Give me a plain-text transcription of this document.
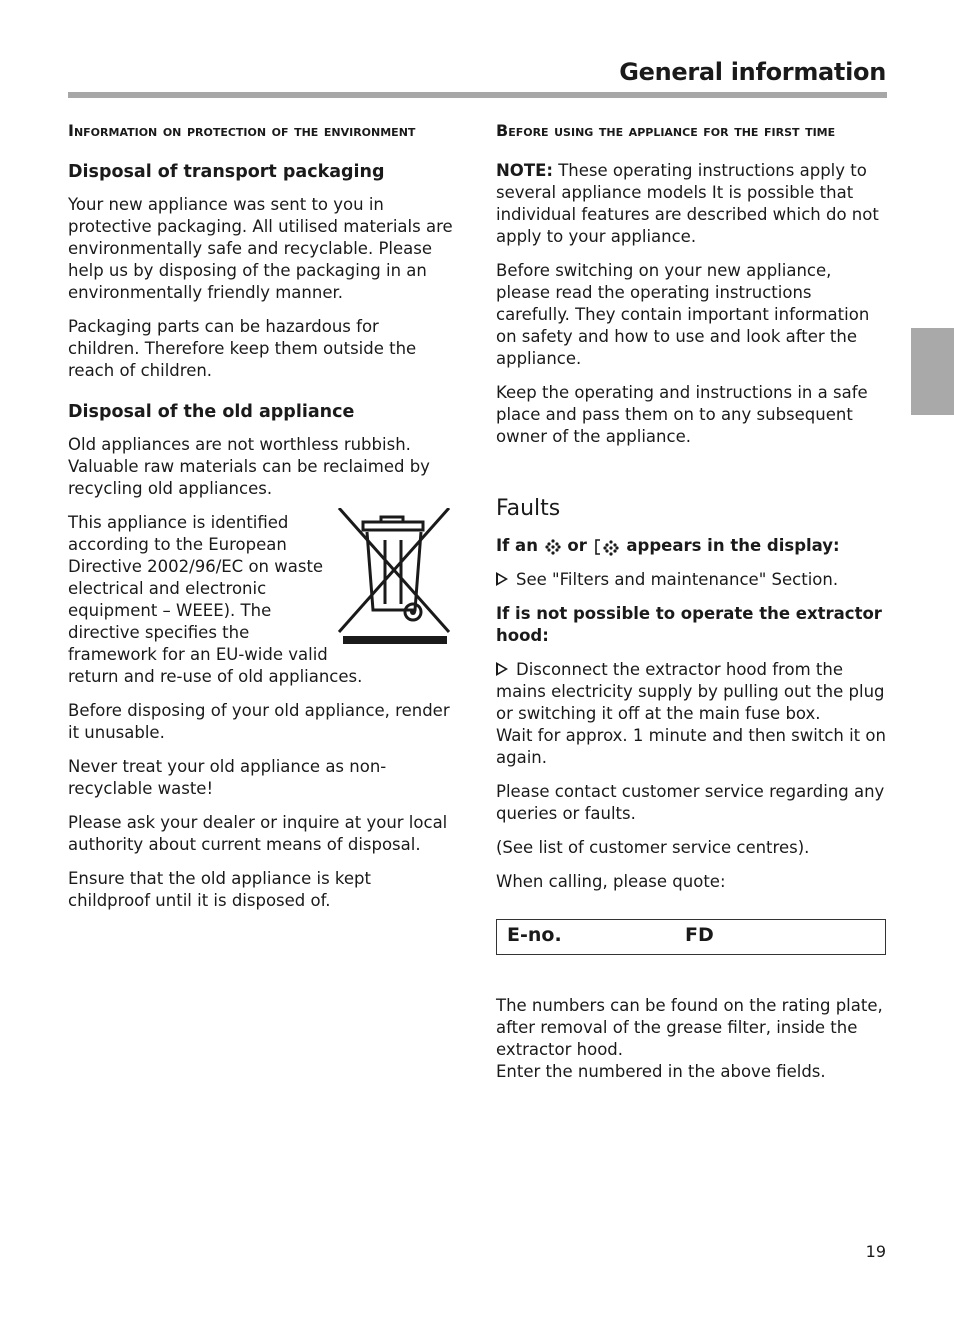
General information
Information on protection of the environment
Disposal of transport packaging

Your new appliance was sent to you in protective packaging. All utilised materials are environmentally safe and recyclable. Please help us by disposing of the packaging in an environmentally friendly manner.

Packaging parts can be hazardous for children. Therefore keep them outside the reach of children.

Disposal of the old appliance

Old appliances are not worthless rubbish. Valuable raw materials can be reclaimed by recycling old appliances.

This appliance is identified according to the European Directive 2002/96/EC on waste electrical and electronic equipment – WEEE). The directive specifies the framework for an EU-wide valid

return and re-use of old appliances.

Before disposing of your old appliance, render it unusable.

Never treat your old appliance as non-recyclable waste!

Please ask your dealer or inquire at your local authority about current means of disposal.

Ensure that the old appliance is kept childproof until it is disposed of.

Before using the appliance for the first time

NOTE: These operating instructions apply to several appliance models It is possible that individual features are described which do not apply to your appliance.

Before switching on your new appliance, please read the operating instructions carefully. They contain important information on safety and how to use and look after the appliance.

Keep the operating and instructions in a safe place and pass them on to any subsequent owner of the appliance.

Faults

If an  or  appears in the display:

See "Filters and maintenance" Section.

If is not possible to operate the extractor hood:

Disconnect the extractor hood from the mains electricity supply by pulling out the plug or switching it off at the main fuse box.

Wait for approx. 1 minute and then switch it on again.

Please contact customer service regarding any queries or faults.

(See list of customer service centres).

When calling, please quote:

E-no.	FD

The numbers can be found on the rating plate, after removal of the grease filter, inside the extractor hood.

Enter the numbered in the above fields.

19
